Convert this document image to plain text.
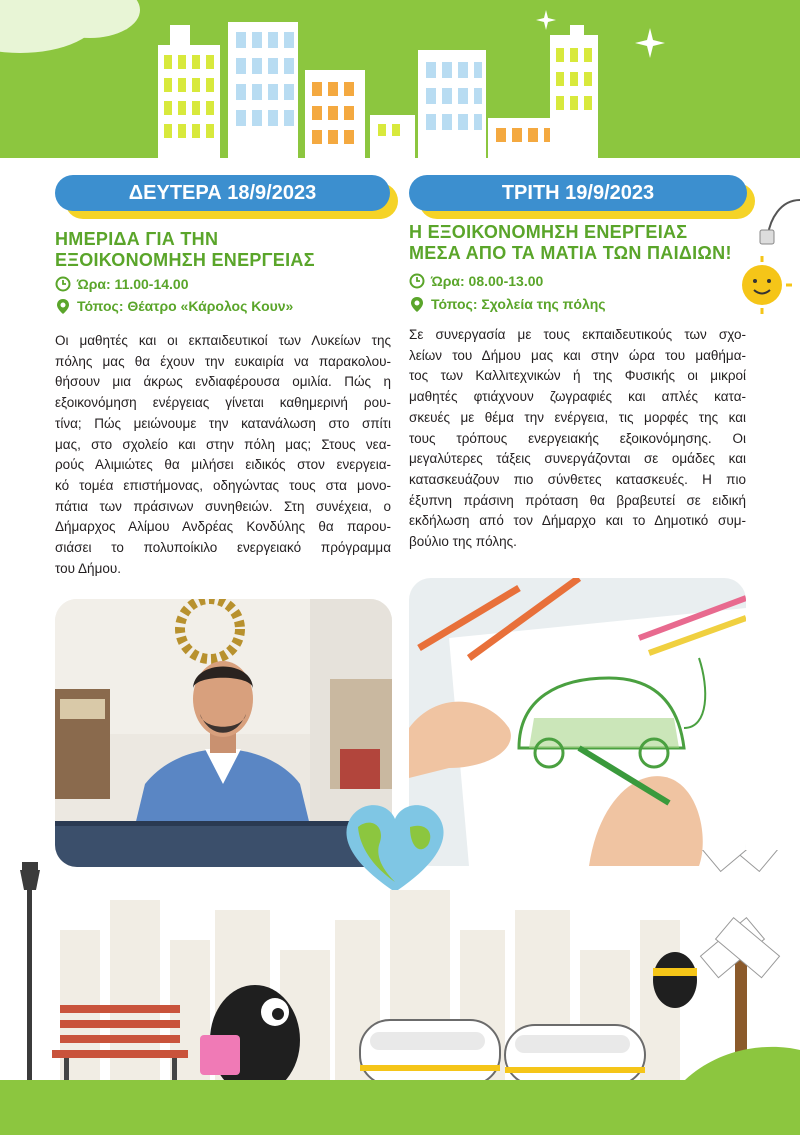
ΔΕΥΤΕΡΑ 18/9/2023
ΗΜΕΡΙΔΑ ΓΙΑ ΤΗΝ
ΕΞΟΙΚΟΝΟΜΗΣΗ ΕΝΕΡΓΕΙΑΣ
Ώρα: 11.00-14.00
Τόπος: Θέατρο «Κάρολος Κουν»
Οι μαθητές και οι εκπαιδευτικοί των Λυκείων της
πόλης μας θα έχουν την ευκαιρία να παρακολου-
θήσουν μια άκρως ενδιαφέρουσα ομιλία. Πώς η
εξοικονόμηση ενέργειας γίνεται καθημερινή ρου-
τίνα; Πώς μειώνουμε την κατανάλωση στο σπίτι
μας, στο σχολείο και στην πόλη μας; Στους νεα-
ρούς Αλιμιώτες θα μιλήσει ειδικός στον ενεργεια-
κό τομέα επιστήμονας, οδηγώντας τους στα μονο-
πάτια των πράσινων συνηθειών. Στη συνέχεια, ο
Δήμαρχος Αλίμου Ανδρέας Κονδύλης θα παρου-
σιάσει το πολυποίκιλο ενεργειακό πρόγραμμα
του Δήμου.
ΤΡΙΤΗ 19/9/2023
Η ΕΞΟΙΚΟΝΟΜΗΣΗ ΕΝΕΡΓΕΙΑΣ
ΜΕΣΑ ΑΠΟ ΤΑ ΜΑΤΙΑ ΤΩΝ ΠΑΙΔΙΩΝ!
Ώρα: 08.00-13.00
Τόπος: Σχολεία της πόλης
Σε συνεργασία με τους εκπαιδευτικούς των σχο-
λείων του Δήμου μας και στην ώρα του μαθήμα-
τος των Καλλιτεχνικών ή της Φυσικής οι μικροί
μαθητές φτιάχνουν ζωγραφιές και απλές κατα-
σκευές με θέμα την ενέργεια, τις μορφές της και
τους τρόπους ενεργειακής εξοικονόμησης. Οι
μεγαλύτερες τάξεις συνεργάζονται σε ομάδες και
κατασκευάζουν πιο σύνθετες κατασκευές. Η πιο
έξυπνη πράσινη πρόταση θα βραβευτεί σε ειδική
εκδήλωση από τον Δήμαρχο και το Δημοτικό συμ-
βούλιο της πόλης.
